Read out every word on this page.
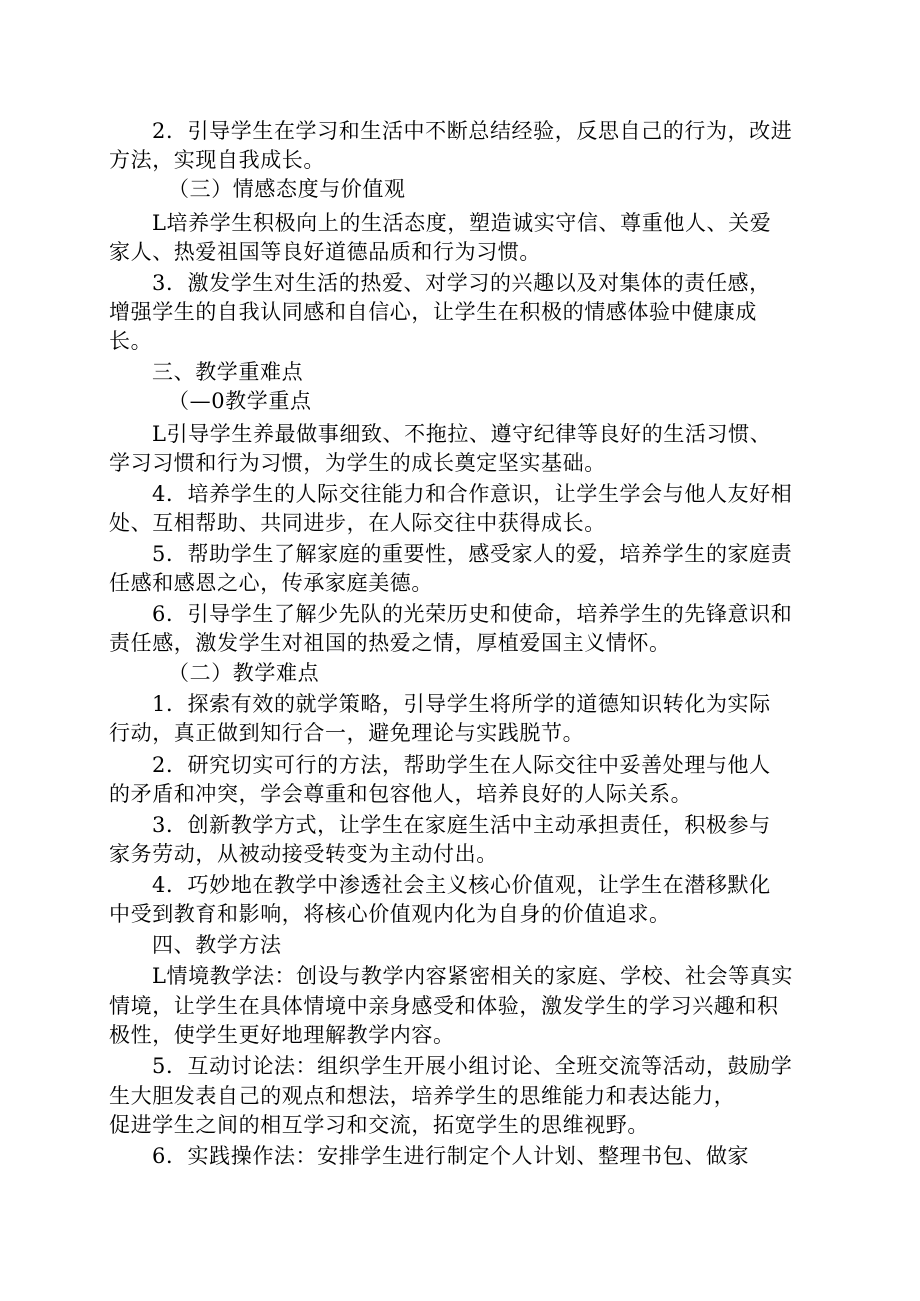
2．引导学生在学习和生活中不断总结经验，反思自己的行为，改进
方法，实现自我成长。
（三）情感态度与价值观
L培养学生积极向上的生活态度，塑造诚实守信、尊重他人、关爱
家人、热爱祖国等良好道德品质和行为习惯。
3．激发学生对生活的热爱、对学习的兴趣以及对集体的责任感，
增强学生的自我认同感和自信心，让学生在积极的情感体验中健康成
长。
三、教学重难点
（—0教学重点
L引导学生养最做事细致、不拖拉、遵守纪律等良好的生活习惯、
学习习惯和行为习惯，为学生的成长奠定坚实基础。
4．培养学生的人际交往能力和合作意识，让学生学会与他人友好相
处、互相帮助、共同进步，在人际交往中获得成长。
5．帮助学生了解家庭的重要性，感受家人的爱，培养学生的家庭责
任感和感恩之心，传承家庭美德。
6．引导学生了解少先队的光荣历史和使命，培养学生的先锋意识和
责任感，激发学生对祖国的热爱之情，厚植爱国主义情怀。
（二）教学难点
1．探索有效的就学策略，引导学生将所学的道德知识转化为实际
行动，真正做到知行合一，避免理论与实践脱节。
2．研究切实可行的方法，帮助学生在人际交往中妥善处理与他人
的矛盾和冲突，学会尊重和包容他人，培养良好的人际关系。
3．创新教学方式，让学生在家庭生活中主动承担责任，积极参与
家务劳动，从被动接受转变为主动付出。
4．巧妙地在教学中渗透社会主义核心价值观，让学生在潜移默化
中受到教育和影响，将核心价值观内化为自身的价值追求。
四、教学方法
L情境教学法：创设与教学内容紧密相关的家庭、学校、社会等真实
情境，让学生在具体情境中亲身感受和体验，激发学生的学习兴趣和积
极性，使学生更好地理解教学内容。
5．互动讨论法：组织学生开展小组讨论、全班交流等活动，鼓励学
生大胆发表自己的观点和想法，培养学生的思维能力和表达能力，
促进学生之间的相互学习和交流，拓宽学生的思维视野。
6．实践操作法：安排学生进行制定个人计划、整理书包、做家
